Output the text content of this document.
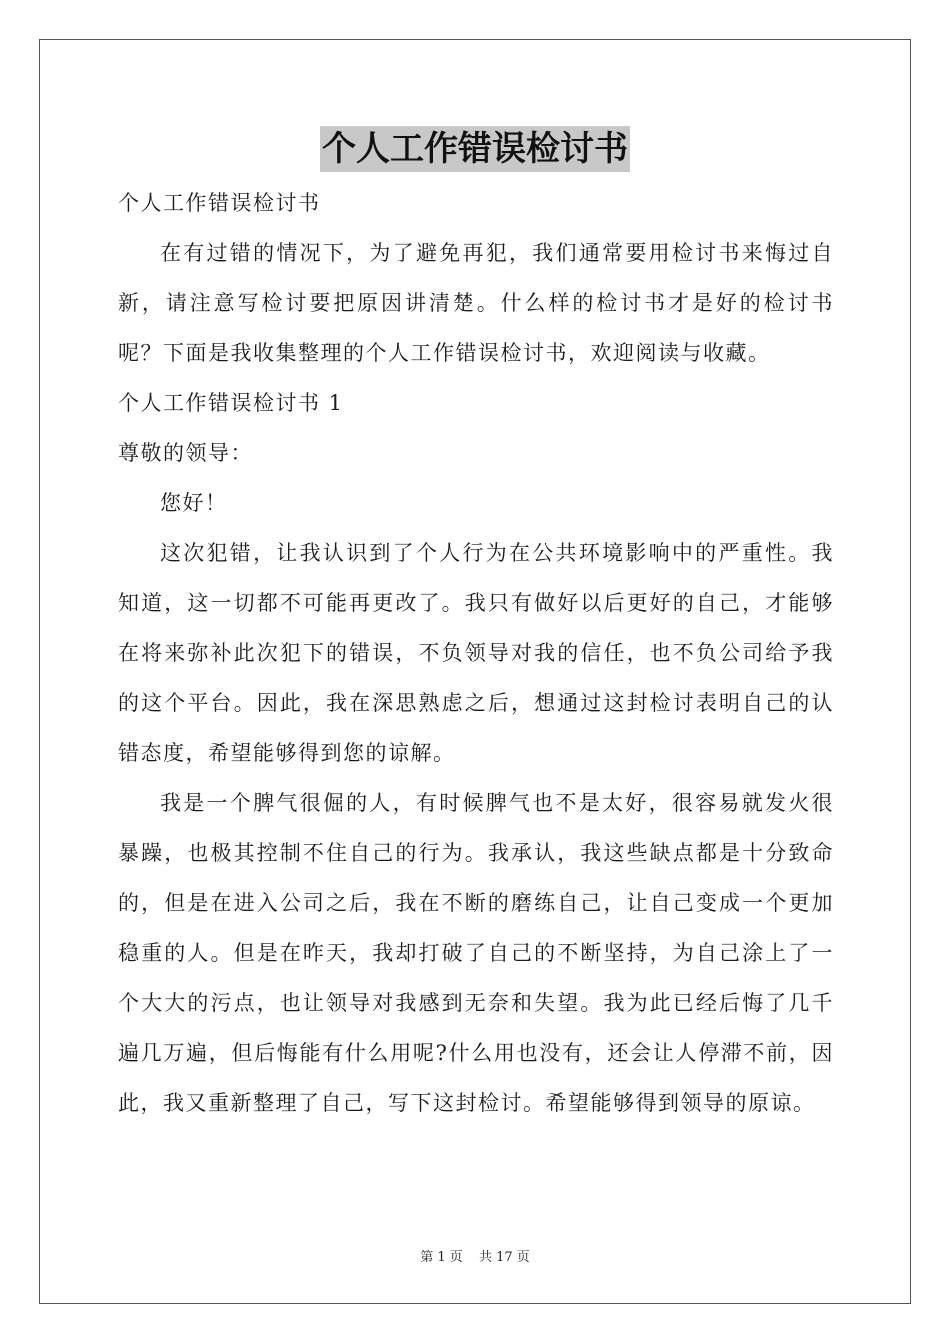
个人工作错误检讨书
个人工作错误检讨书

在有过错的情况下，为了避免再犯，我们通常要用检讨书来悔过自新，请注意写检讨要把原因讲清楚。什么样的检讨书才是好的检讨书呢？下面是我收集整理的个人工作错误检讨书，欢迎阅读与收藏。

个人工作错误检讨书 1
尊敬的领导：

您好！

这次犯错，让我认识到了个人行为在公共环境影响中的严重性。我知道，这一切都不可能再更改了。我只有做好以后更好的自己，才能够在将来弥补此次犯下的错误，不负领导对我的信任，也不负公司给予我的这个平台。因此，我在深思熟虑之后，想通过这封检讨表明自己的认错态度，希望能够得到您的谅解。

我是一个脾气很倔的人，有时候脾气也不是太好，很容易就发火很暴躁，也极其控制不住自己的行为。我承认，我这些缺点都是十分致命的，但是在进入公司之后，我在不断的磨练自己，让自己变成一个更加稳重的人。但是在昨天，我却打破了自己的不断坚持，为自己涂上了一个大大的污点，也让领导对我感到无奈和失望。我为此已经后悔了几千遍几万遍，但后悔能有什么用呢?什么用也没有，还会让人停滞不前，因此，我又重新整理了自己，写下这封检讨。希望能够得到领导的原谅。

第 1 页 共 17 页
